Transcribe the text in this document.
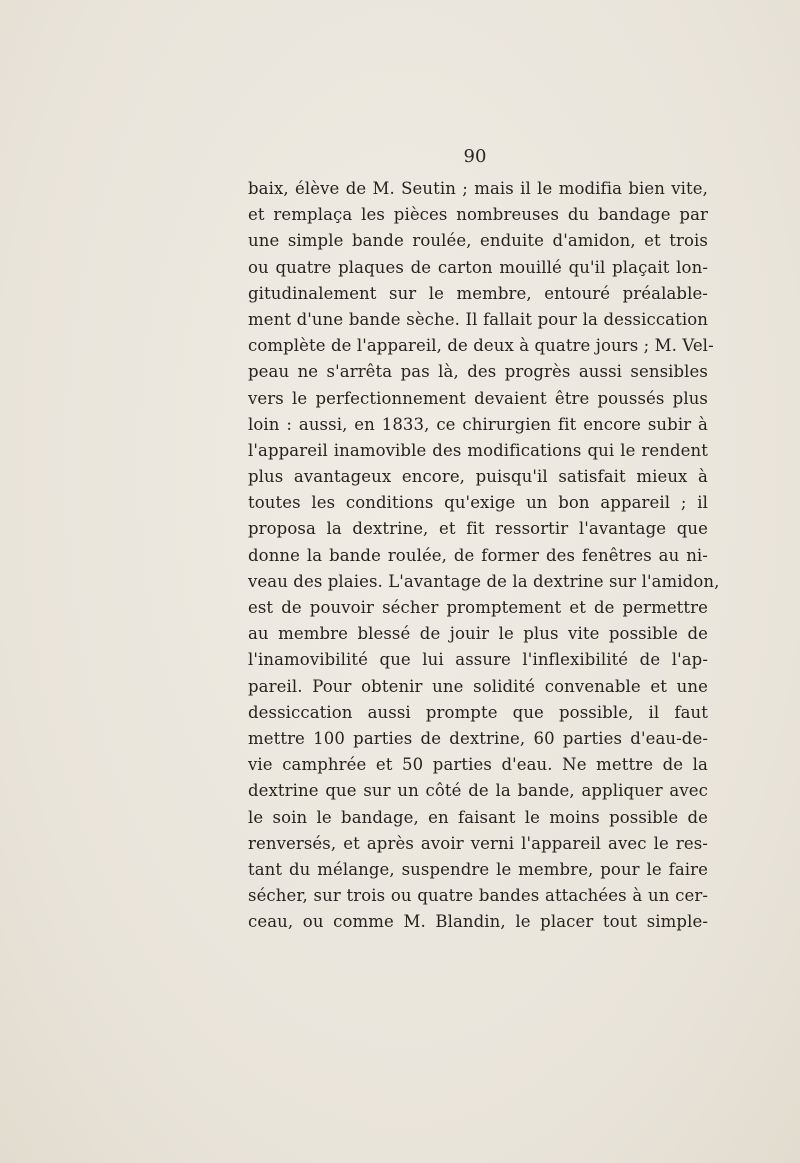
90
baix, élève de M. Seutin ; mais il le modifia bien vite,
et remplaça les pièces nombreuses du bandage par
une simple bande roulée, enduite d'amidon, et trois
ou quatre plaques de carton mouillé qu'il plaçait lon-
gitudinalement sur le membre, entouré préalable-
ment d'une bande sèche. Il fallait pour la dessiccation
complète de l'appareil, de deux à quatre jours ; M. Vel-
peau ne s'arrêta pas là, des progrès aussi sensibles
vers le perfectionnement devaient être poussés plus
loin : aussi, en 1833, ce chirurgien fit encore subir à
l'appareil inamovible des modifications qui le rendent
plus avantageux encore, puisqu'il satisfait mieux à
toutes les conditions qu'exige un bon appareil ; il
proposa la dextrine, et fit ressortir l'avantage que
donne la bande roulée, de former des fenêtres au ni-
veau des plaies. L'avantage de la dextrine sur l'amidon,
est de pouvoir sécher promptement et de permettre
au membre blessé de jouir le plus vite possible de
l'inamovibilité que lui assure l'inflexibilité de l'ap-
pareil. Pour obtenir une solidité convenable et une
dessiccation aussi prompte que possible, il faut
mettre 100 parties de dextrine, 60 parties d'eau-de-
vie camphrée et 50 parties d'eau. Ne mettre de la
dextrine que sur un côté de la bande, appliquer avec
le soin le bandage, en faisant le moins possible de
renversés, et après avoir verni l'appareil avec le res-
tant du mélange, suspendre le membre, pour le faire
sécher, sur trois ou quatre bandes attachées à un cer-
ceau, ou comme M. Blandin, le placer tout simple-
